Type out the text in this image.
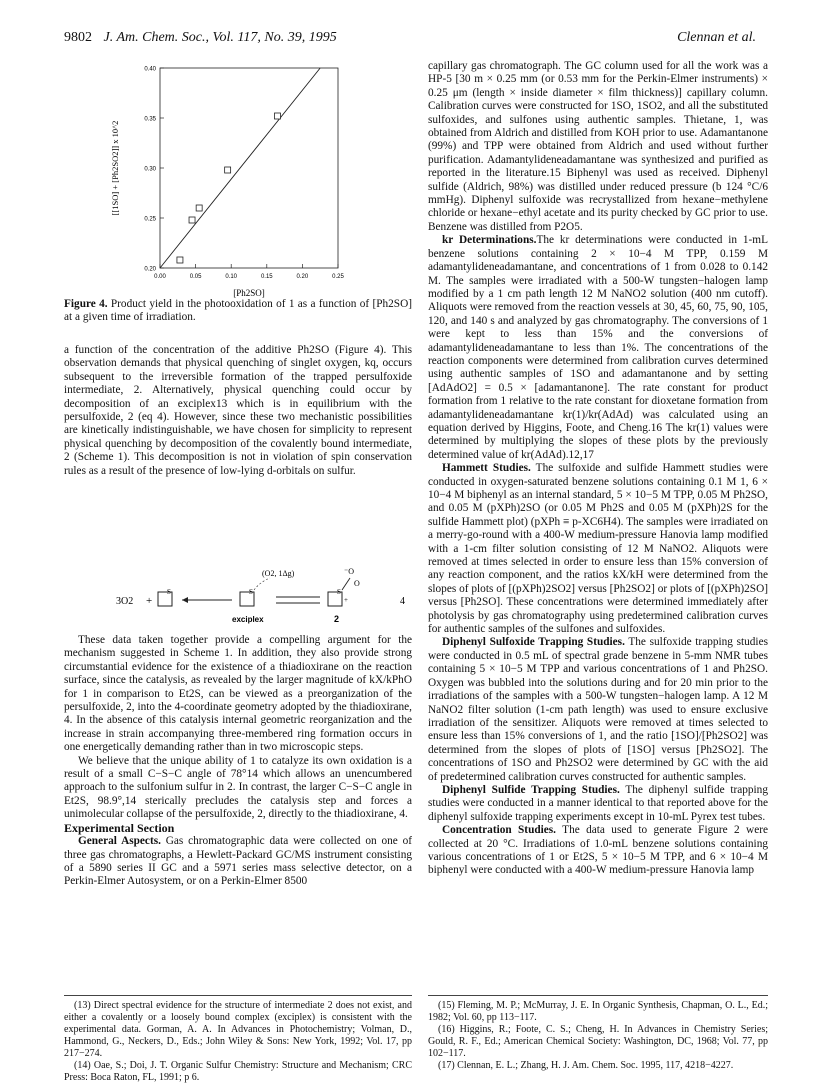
9802 J. Am. Chem. Soc., Vol. 117, No. 39, 1995	Clennan et al.
0.20
0.25
0.30
0.35
0.40
0.00	0.05	0.10	0.15	0.20	0.25
[[1SO] + [Ph2SO2]] x 10^2
[Ph2SO]
Figure 4. Product yield in the photooxidation of 1 as a function of [Ph2SO] at a given time of irradiation.

a function of the concentration of the additive Ph2SO (Figure 4). This observation demands that physical quenching of singlet oxygen, kq, occurs subsequent to the irreversible formation of the trapped persulfoxide intermediate, 2. Alternatively, physical quenching could occur by decomposition of an exciplex13 which is in equilibrium with the persulfoxide, 2 (eq 4). However, since these two mechanistic possibilities are kinetically indistinguishable, we have chosen for simplicity to represent physical quenching by decomposition of the covalently bound intermediate, 2 (Scheme 1). This decomposition is not in violation of spin conservation rules as a result of the presence of low-lying d-orbitals on sulfur.

3O2 +
S	S
(O2, 1Δg)
exciplex
S
⁻O
O
+
2
4

These data taken together provide a compelling argument for the mechanism suggested in Scheme 1. In addition, they also provide strong circumstantial evidence for the existence of a thiadioxirane on the reaction surface, since the catalysis, as revealed by the larger magnitude of kX/kPhO for 1 in comparison to Et2S, can be viewed as a preorganization of the persulfoxide, 2, into the 4-coordinate geometry adopted by the thiadioxirane, 4. In the absence of this catalysis internal geometric reorganization and the increase in strain accompanying three-membered ring formation occurs in one energetically demanding rather than in two microscopic steps.

We believe that the unique ability of 1 to catalyze its own oxidation is a result of a small C−S−C angle of 78°14 which allows an unencumbered approach to the sulfonium sulfur in 2. In contrast, the larger C−S−C angle in Et2S, 98.9°,14 sterically precludes the catalysis step and forces a unimolecular collapse of the persulfoxide, 2, directly to the thiadioxirane, 4.

Experimental Section

General Aspects. Gas chromatographic data were collected on one of three gas chromatographs, a Hewlett-Packard GC/MS instrument consisting of a 5890 series II GC and a 5971 series mass selective detector, on a Perkin-Elmer Autosystem, or on a Perkin-Elmer 8500

capillary gas chromatograph. The GC column used for all the work was a HP-5 [30 m × 0.25 mm (or 0.53 mm for the Perkin-Elmer instruments) × 0.25 μm (length × inside diameter × film thickness)] capillary column. Calibration curves were constructed for 1SO, 1SO2, and all the substituted sulfoxides, and sulfones using authentic samples. Thietane, 1, was obtained from Aldrich and distilled from KOH prior to use. Adamantanone (99%) and TPP were obtained from Aldrich and used without further purification. Adamantylideneadamantane was synthesized and purified as reported in the literature.15 Biphenyl was used as received. Diphenyl sulfide (Aldrich, 98%) was distilled under reduced pressure (b 124 °C/6 mmHg). Diphenyl sulfoxide was recrystallized from hexane−methylene chloride or hexane−ethyl acetate and its purity checked by GC prior to use. Benzene was distilled from P2O5.

kr Determinations.The kr determinations were conducted in 1-mL benzene solutions containing 2 × 10−4 M TPP, 0.159 M adamantylideneadamantane, and concentrations of 1 from 0.028 to 0.142 M. The samples were irradiated with a 500-W tungsten−halogen lamp modified by a 1 cm path length 12 M NaNO2 solution (400 nm cutoff). Aliquots were removed from the reaction vessels at 30, 45, 60, 75, 90, 105, 120, and 140 s and analyzed by gas chromatography. The conversions of 1 were kept to less than 15% and the conversions of adamantylideneadamantane to less than 1%. The concentrations of the reaction components were determined from calibration curves determined using authentic samples of 1SO and adamantanone and by setting [AdAdO2] = 0.5 × [adamantanone]. The rate constant for product formation from 1 relative to the rate constant for dioxetane formation from adamantylideneadamantane kr(1)/kr(AdAd) was calculated using an equation derived by Higgins, Foote, and Cheng.16 The kr(1) values were determined by multiplying the slopes of these plots by the previously determined value of kr(AdAd).12,17

Hammett Studies. The sulfoxide and sulfide Hammett studies were conducted in oxygen-saturated benzene solutions containing 0.1 M 1, 6 × 10−4 M biphenyl as an internal standard, 5 × 10−5 M TPP, 0.05 M Ph2SO, and 0.05 M (pXPh)2SO (or 0.05 M Ph2S and 0.05 M (pXPh)2S for the sulfide Hammett plot) (pXPh ≡ p-XC6H4). The samples were irradiated on a merry-go-round with a 400-W medium-pressure Hanovia lamp modified with a 1-cm filter solution consisting of 12 M NaNO2. Aliquots were removed at times selected in order to ensure less than 15% conversion of any reaction component, and the ratios kX/kH were determined from the slopes of plots of [(pXPh)2SO2] versus [Ph2SO2] or plots of [(pXPh)2SO] versus [Ph2SO]. These concentrations were determined immediately after photolysis by gas chromatography using predetermined calibration curves for authentic samples of the sulfones and sulfoxides.

Diphenyl Sulfoxide Trapping Studies. The sulfoxide trapping studies were conducted in 0.5 mL of spectral grade benzene in 5-mm NMR tubes containing 5 × 10−5 M TPP and various concentrations of 1 and Ph2SO. Oxygen was bubbled into the solutions during and for 20 min prior to the irradiations of the samples with a 500-W tungsten−halogen lamp. A 12 M NaNO2 filter solution (1-cm path length) was used to ensure exclusive irradiation of the sensitizer. Aliquots were removed at times selected to ensure less than 15% conversions of 1, and the ratio [1SO]/[Ph2SO2] was determined from the slopes of plots of [1SO] versus [Ph2SO2]. The concentrations of 1SO and Ph2SO2 were determined by GC with the aid of predetermined calibration curves constructed for authentic samples.

Diphenyl Sulfide Trapping Studies. The diphenyl sulfide trapping studies were conducted in a manner identical to that reported above for the diphenyl sulfoxide trapping experiments except in 10-mL Pyrex test tubes.

Concentration Studies. The data used to generate Figure 2 were collected at 20 °C. Irradiations of 1.0-mL benzene solutions containing various concentrations of 1 or Et2S, 5 × 10−5 M TPP, and 6 × 10−4 M biphenyl were conducted with a 400-W medium-pressure Hanovia lamp

(13) Direct spectral evidence for the structure of intermediate 2 does not exist, and either a covalently or a loosely bound complex (exciplex) is consistent with the experimental data. Gorman, A. A. In Advances in Photochemistry; Volman, D., Hammond, G., Neckers, D., Eds.; John Wiley & Sons: New York, 1992; Vol. 17, pp 217−274.

(14) Oae, S.; Doi, J. T. Organic Sulfur Chemistry: Structure and Mechanism; CRC Press: Boca Raton, FL, 1991; p 6.

(15) Fleming, M. P.; McMurray, J. E. In Organic Synthesis, Chapman, O. L., Ed.; 1982; Vol. 60, pp 113−117.

(16) Higgins, R.; Foote, C. S.; Cheng, H. In Advances in Chemistry Series; Gould, R. F., Ed.; American Chemical Society: Washington, DC, 1968; Vol. 77, pp 102−117.

(17) Clennan, E. L.; Zhang, H. J. Am. Chem. Soc. 1995, 117, 4218−4227.
